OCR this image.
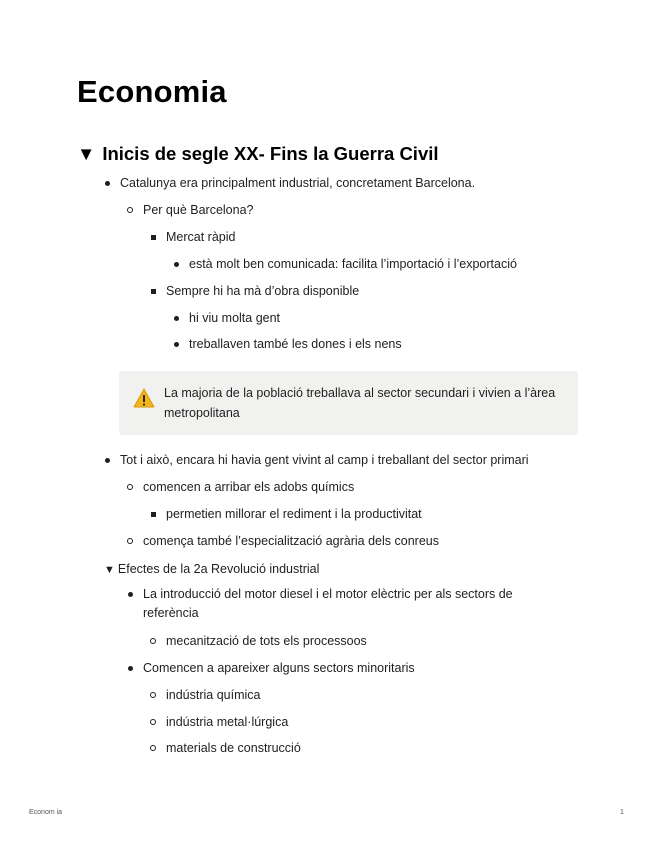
Economia
▼ Inicis de segle XX- Fins la Guerra Civil
Catalunya era principalment industrial, concretament Barcelona.
Per què Barcelona?
Mercat ràpid
està molt ben comunicada: facilita l’importació i l’exportació
Sempre hi ha mà d’obra disponible
hi viu molta gent
treballaven també les dones i els nens
La majoria de la població treballava al sector secundari i vivien a l’àrea metropolitana
Tot i això, encara hi havia gent vivint al camp i treballant del sector primari
comencen a arribar els adobs químics
permetien millorar el rediment i la productivitat
comença també l’especialització agrària dels conreus
▼ Efectes de la 2a Revolució industrial
La introducció del motor diesel i el motor elèctric per als sectors de referència
mecanització de tots els processoos
Comencen a apareixer alguns sectors minoritaris
indústria química
indústria metal·lúrgica
materials de construcció
Econom ia	1
